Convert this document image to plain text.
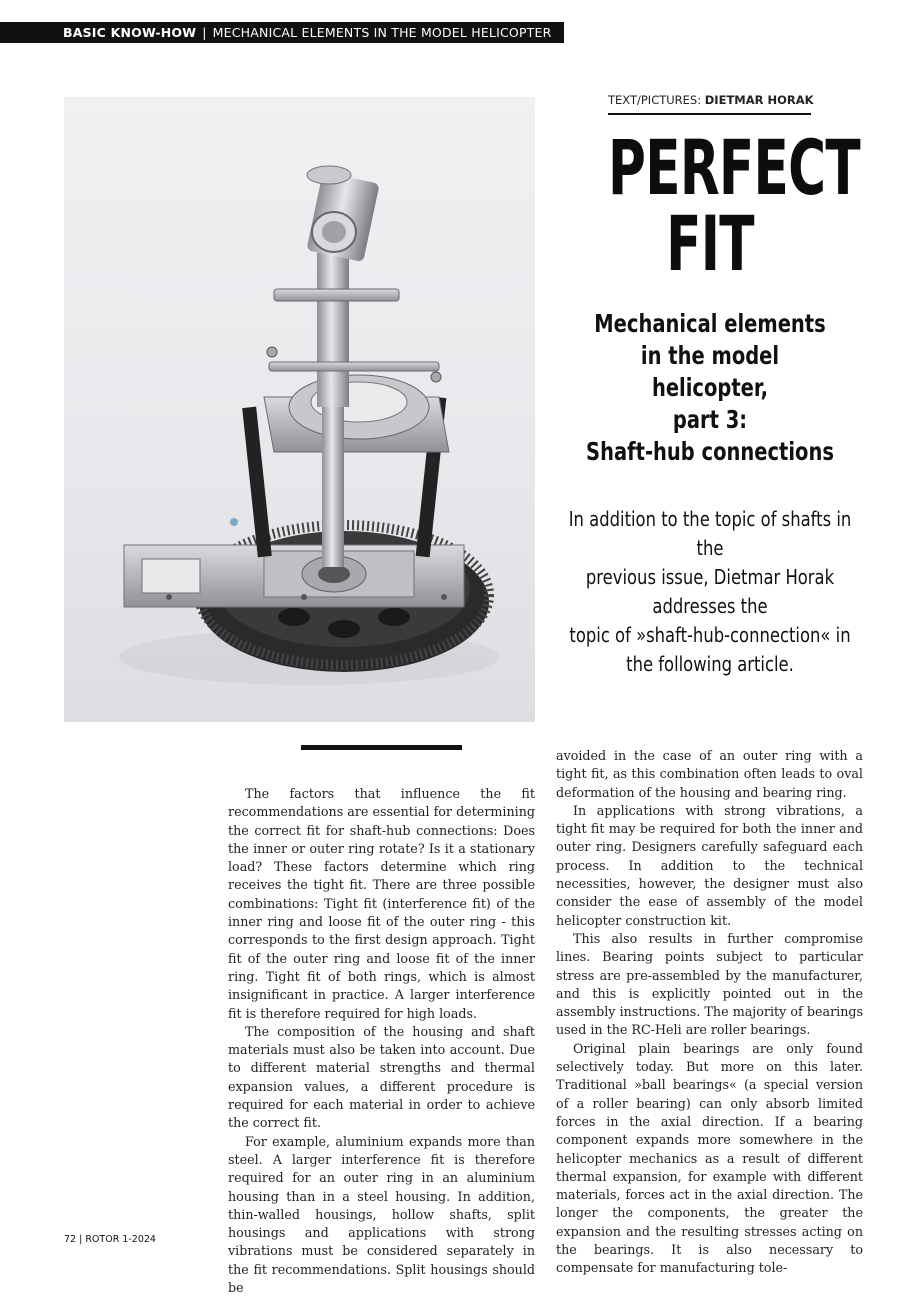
BASIC KNOW-HOW | MECHANICAL ELEMENTS IN THE MODEL HELICOPTER
TEXT/PICTURES: DIETMAR HORAK
PERFECT
FIT
Mechanical elements
in the model helicopter,
part 3:
Shaft-hub connections
In addition to the topic of shafts in the
previous issue, Dietmar Horak addresses the
topic of »shaft-hub-connection« in
the following article.

The factors that influence the fit recommendations are essential for determining the correct fit for shaft-hub connections: Does the inner or outer ring rotate? Is it a stationary load? These factors determine which ring receives the tight fit. There are three possible combinations: Tight fit (interference fit) of the inner ring and loose fit of the outer ring - this corresponds to the first design approach. Tight fit of the outer ring and loose fit of the inner ring. Tight fit of both rings, which is almost insignificant in practice. A larger interference fit is therefore required for high loads.

The composition of the housing and shaft materials must also be taken into account. Due to different material strengths and thermal expansion values, a different procedure is required for each material in order to achieve the correct fit.

For example, aluminium expands more than steel. A larger interference fit is therefore required for an outer ring in an aluminium housing than in a steel housing. In addition, thin-walled housings, hollow shafts, split housings and applications with strong vibrations must be considered separately in the fit recommendations. Split housings should be

avoided in the case of an outer ring with a tight fit, as this combination often leads to oval deformation of the housing and bearing ring.

In applications with strong vibrations, a tight fit may be required for both the inner and outer ring. Designers carefully safeguard each process. In addition to the technical necessities, however, the designer must also consider the ease of assembly of the model helicopter construction kit.

This also results in further compromise lines. Bearing points subject to particular stress are pre-assembled by the manufacturer, and this is explicitly pointed out in the assembly instructions. The majority of bearings used in the RC-Heli are roller bearings.

Original plain bearings are only found selectively today. But more on this later. Traditional »ball bearings« (a special version of a roller bearing) can only absorb limited forces in the axial direction. If a bearing component expands more somewhere in the helicopter mechanics as a result of different thermal expansion, for example with different materials, forces act in the axial direction. The longer the components, the greater the expansion and the resulting stresses acting on the bearings. It is also necessary to compensate for manufacturing tole-

72 | ROTOR 1-2024
